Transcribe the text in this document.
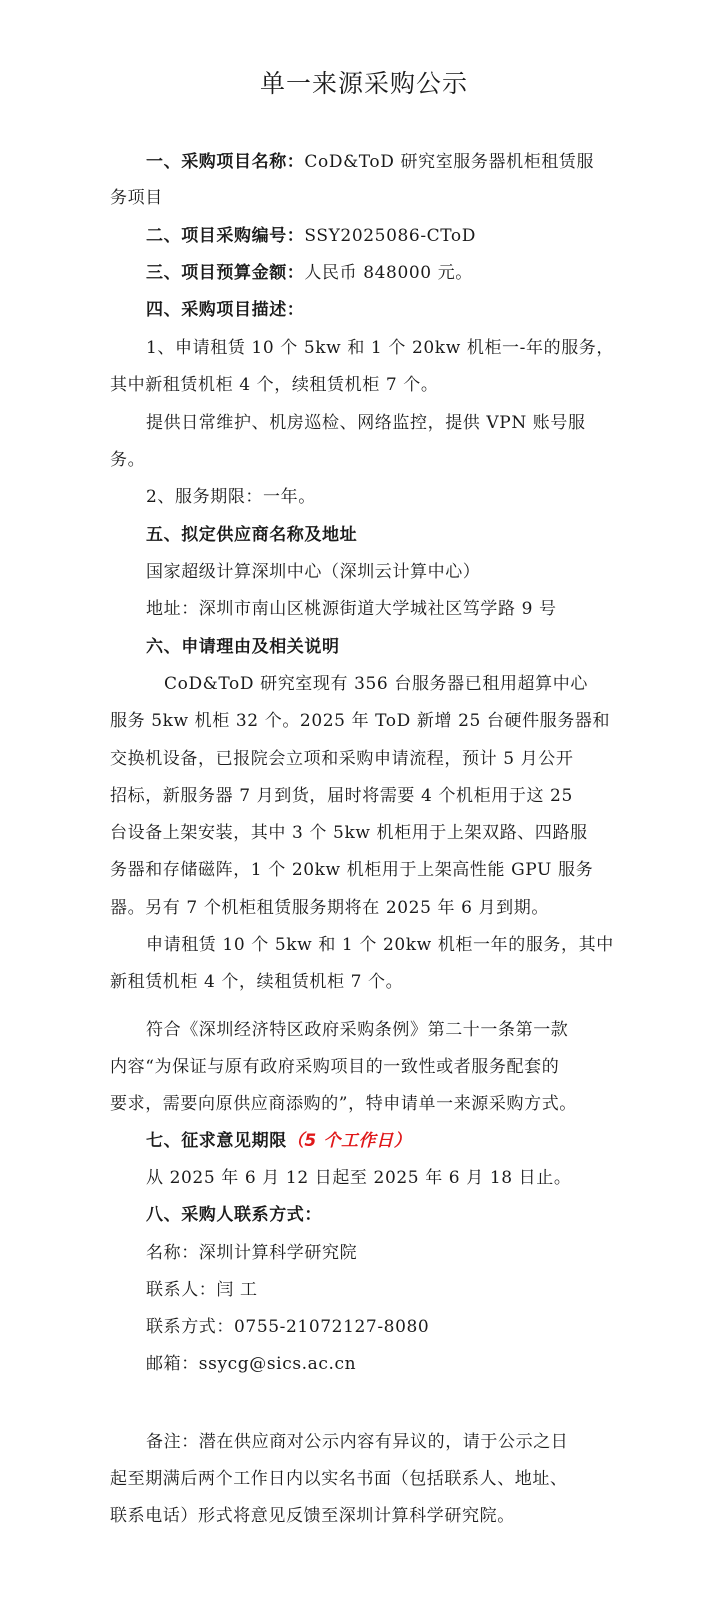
单一来源采购公示
一、采购项目名称：CoD&ToD 研究室服务器机柜租赁服
务项目
二、项目采购编号：SSY2025086-CToD
三、项目预算金额：人民币 848000 元。
四、采购项目描述：
1、申请租赁 10 个 5kw 和 1 个 20kw 机柜一-年的服务，
其中新租赁机柜 4 个，续租赁机柜 7 个。
提供日常维护、机房巡检、网络监控，提供 VPN 账号服
务。
2、服务期限：一年。
五、拟定供应商名称及地址
国家超级计算深圳中心（深圳云计算中心）
地址：深圳市南山区桃源街道大学城社区笃学路 9 号
六、申请理由及相关说明
CoD&ToD 研究室现有 356 台服务器已租用超算中心
服务 5kw 机柜 32 个。2025 年 ToD 新增 25 台硬件服务器和
交换机设备，已报院会立项和采购申请流程，预计 5 月公开
招标，新服务器 7 月到货，届时将需要 4 个机柜用于这 25
台设备上架安装，其中 3 个 5kw 机柜用于上架双路、四路服
务器和存储磁阵，1 个 20kw 机柜用于上架高性能 GPU 服务
器。另有 7 个机柜租赁服务期将在 2025 年 6 月到期。
申请租赁 10 个 5kw 和 1 个 20kw 机柜一年的服务，其中
新租赁机柜 4 个，续租赁机柜 7 个。
符合《深圳经济特区政府采购条例》第二十一条第一款
内容“为保证与原有政府采购项目的一致性或者服务配套的
要求，需要向原供应商添购的”，特申请单一来源采购方式。
七、征求意见期限（5 个工作日）
从 2025 年 6 月 12 日起至 2025 年 6 月 18 日止。
八、采购人联系方式：
名称：深圳计算科学研究院
联系人：闫 工
联系方式：0755-21072127-8080
邮箱：ssycg@sics.ac.cn
备注：潜在供应商对公示内容有异议的，请于公示之日
起至期满后两个工作日内以实名书面（包括联系人、地址、
联系电话）形式将意见反馈至深圳计算科学研究院。
